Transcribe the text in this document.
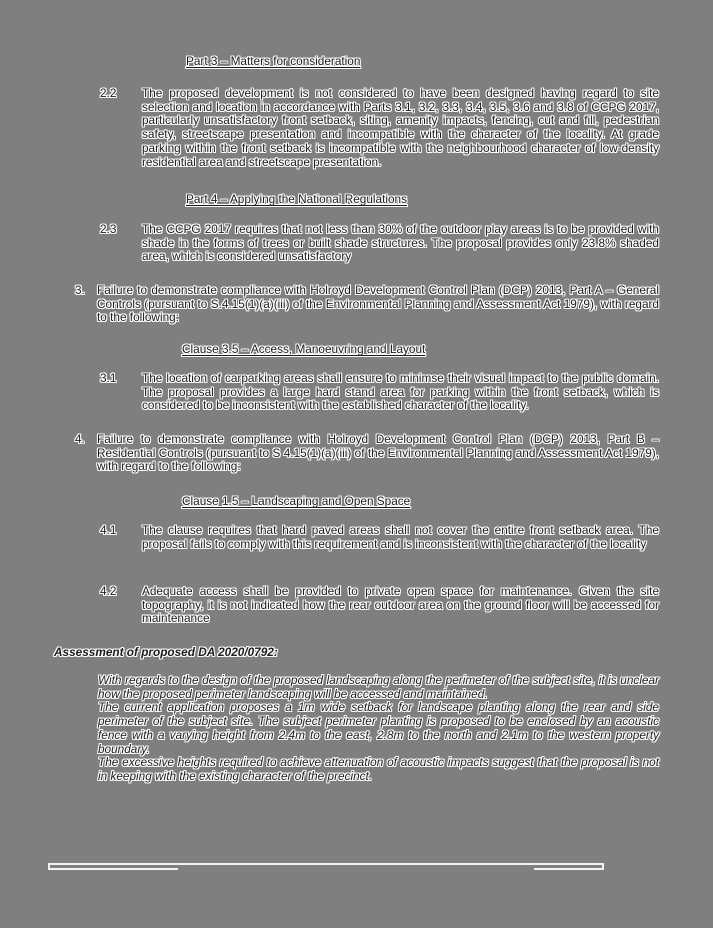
Part 3 – Matters for consideration
2.2 The proposed development is not considered to have been designed having regard to site selection and location in accordance with Parts 3.1, 3.2, 3.3, 3.4, 3.5, 3.6 and 3.8 of CCPG 2017, particularly unsatisfactory front setback, siting, amenity impacts, fencing, cut and fill, pedestrian safety, streetscape presentation and incompatible with the character of the locality. At grade parking within the front setback is incompatible with the neighbourhood character of low-density residential area and streetscape presentation.
Part 4 – Applying the National Regulations
2.3 The CCPG 2017 requires that not less than 30% of the outdoor play areas is to be provided with shade in the forms of trees or built shade structures. The proposal provides only 23.8% shaded area, which is considered unsatisfactory
3. Failure to demonstrate compliance with Holroyd Development Control Plan (DCP) 2013, Part A – General Controls (pursuant to S.4.15(1)(a)(iii) of the Environmental Planning and Assessment Act 1979), with regard to the following:
Clause 3.5 – Access, Manoeuvring and Layout
3.1 The location of carparking areas shall ensure to minimse their visual impact to the public domain. The proposal provides a large hard stand area for parking within the front setback, which is considered to be inconsistent with the established character of the locality.
4. Failure to demonstrate compliance with Holroyd Development Control Plan (DCP) 2013, Part B – Residential Controls (pursuant to S 4.15(1)(a)(iii) of the Environmental Planning and Assessment Act 1979), with regard to the following:
Clause 1.5 – Landscaping and Open Space
4.1 The clause requires that hard paved areas shall not cover the entire front setback area. The proposal fails to comply with this requirement and is inconsistent with the character of the locality
4.2 Adequate access shall be provided to private open space for maintenance. Given the site topography, it is not indicated how the rear outdoor area on the ground floor will be accessed for maintenance
Assessment of proposed DA 2020/0792:
With regards to the design of the proposed landscaping along the perimeter of the subject site, it is unclear how the proposed perimeter landscaping will be accessed and maintained.
The current application proposes a 1m wide setback for landscape planting along the rear and side perimeter of the subject site. The subject perimeter planting is proposed to be enclosed by an acoustic fence with a varying height from 2.4m to the east, 2.8m to the north and 2.1m to the western property boundary.
The excessive heights required to achieve attenuation of acoustic impacts suggest that the proposal is not in keeping with the existing character of the precinct.
